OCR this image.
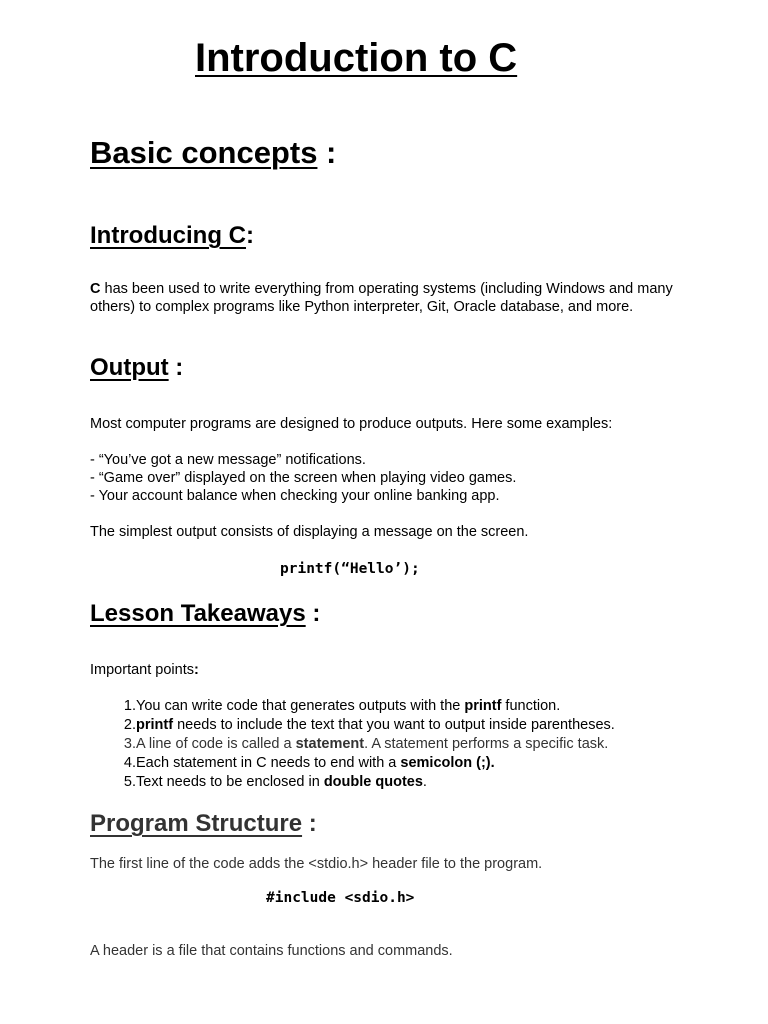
Introduction to C
Basic concepts :
Introducing C:
C has been used to write everything from operating systems (including Windows and many others) to complex programs like Python interpreter, Git, Oracle database, and more.
Output :
Most computer programs are designed to produce outputs. Here some examples:
- “You’ve got a new message” notifications.
- “Game over” displayed on the screen when playing video games.
- Your account balance when checking your online banking app.
The simplest output consists of displaying a message on the screen.
printf(“Hello’);
Lesson Takeaways :
Important points:
1. You can write code that generates outputs with the printf function.
2. printf needs to include the text that you want to output inside parentheses.
3. A line of code is called a statement. A statement performs a specific task.
4. Each statement in C needs to end with a semicolon (;).
5. Text needs to be enclosed in double quotes.
Program Structure :
The first line of the code adds the <stdio.h> header file to the program.
#include <sdio.h>
A header is a file that contains functions and commands.
